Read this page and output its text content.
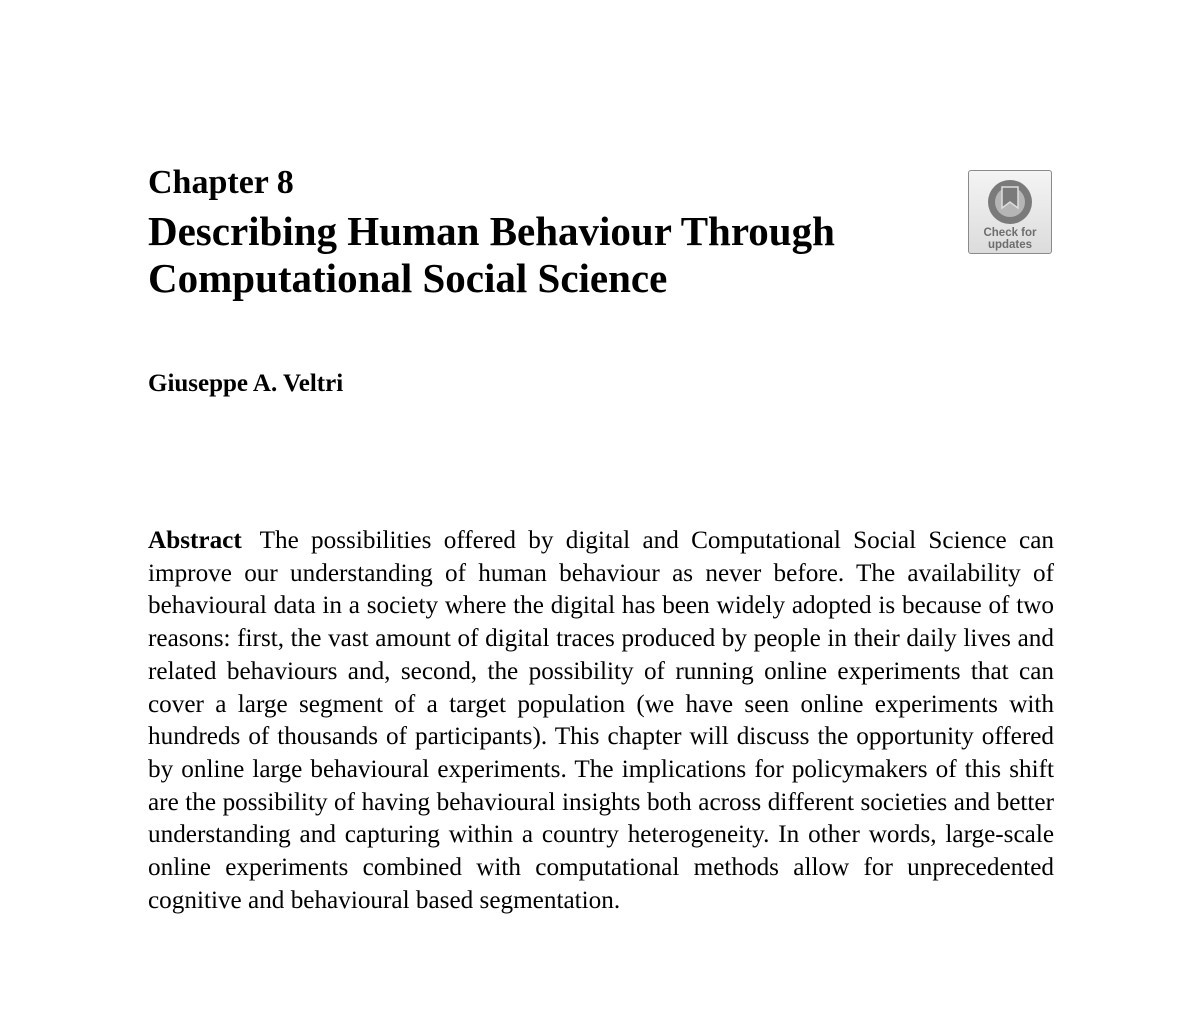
Chapter 8
Describing Human Behaviour Through
Computational Social Science
Check for
updates

Giuseppe A. Veltri

Abstract The possibilities offered by digital and Computational Social Science can improve our understanding of human behaviour as never before. The availability of behavioural data in a society where the digital has been widely adopted is because of two reasons: first, the vast amount of digital traces produced by people in their daily lives and related behaviours and, second, the possibility of running online experiments that can cover a large segment of a target population (we have seen online experiments with hundreds of thousands of participants). This chapter will discuss the opportunity offered by online large behavioural experiments. The implications for policymakers of this shift are the possibility of having behavioural insights both across different societies and better understanding and capturing within a country heterogeneity. In other words, large-scale online experiments combined with computational methods allow for unprecedented cognitive and behavioural based segmentation.
